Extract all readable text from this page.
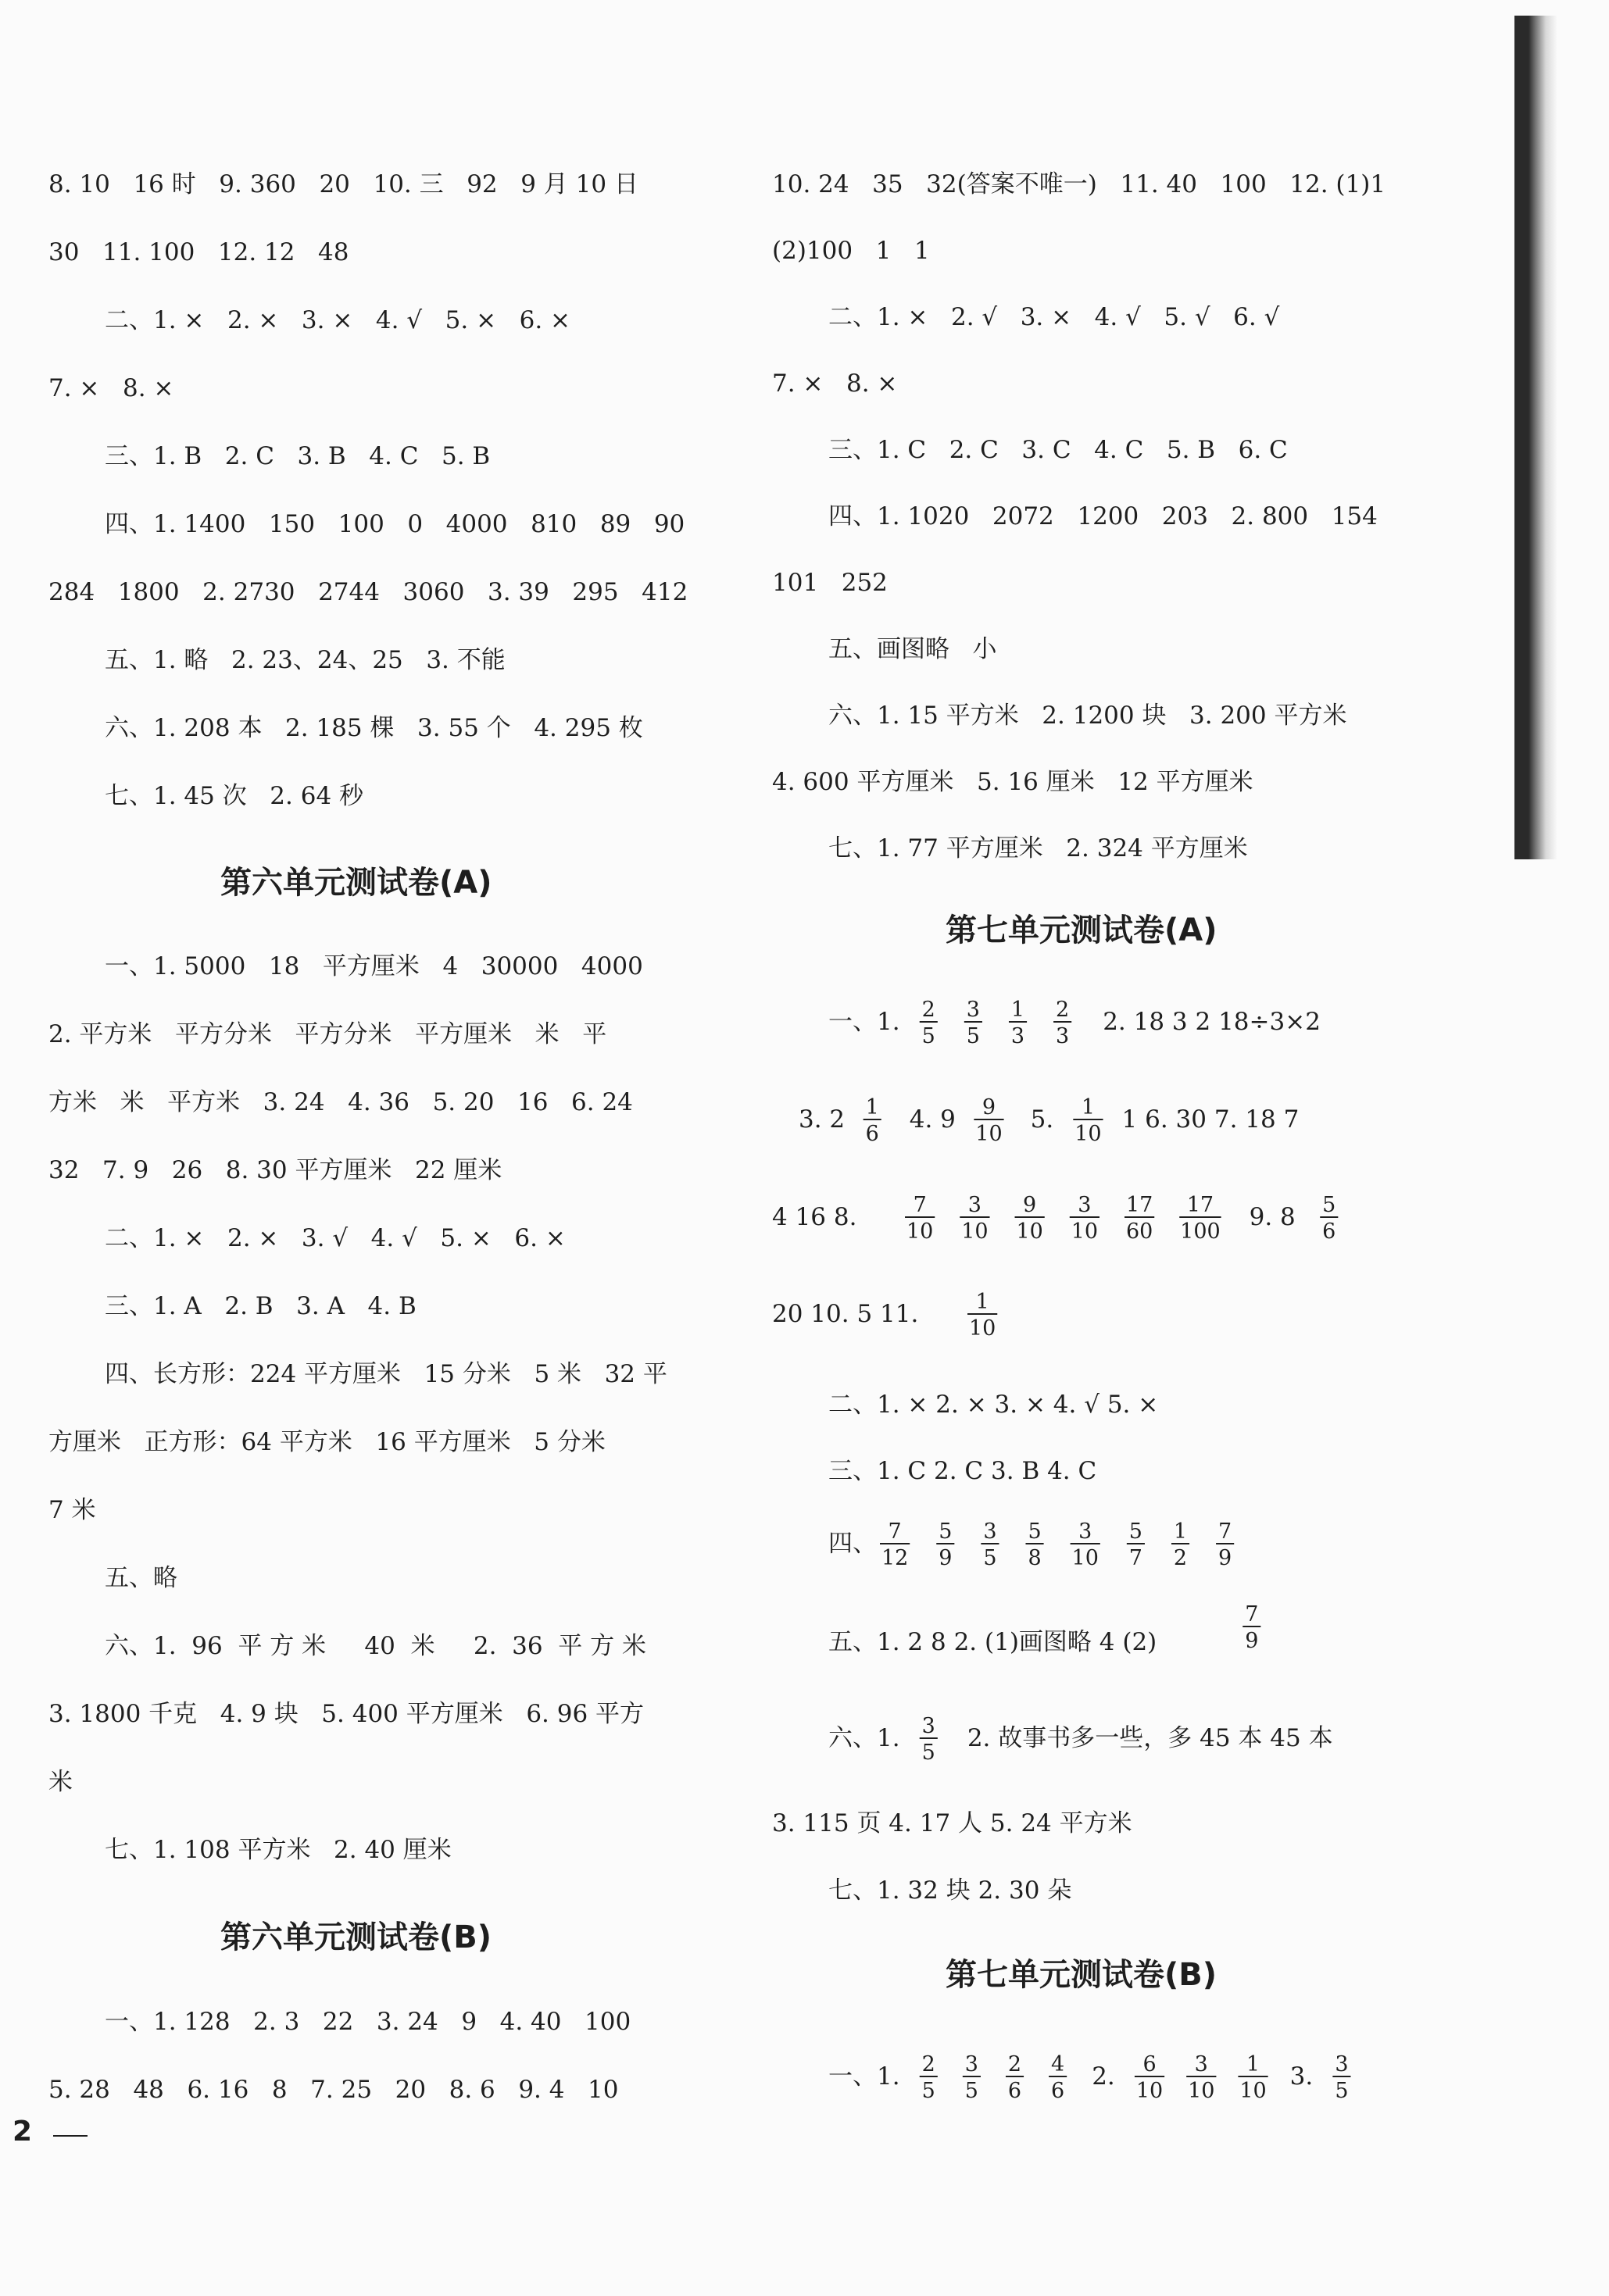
8. 10   16 时   9. 360   20   10. 三   92   9 月 10 日
30   11. 100   12. 12   48
二、1. ×   2. ×   3. ×   4. √   5. ×   6. ×
7. ×   8. ×
三、1. B   2. C   3. B   4. C   5. B
四、1. 1400   150   100   0   4000   810   89   90
284   1800   2. 2730   2744   3060   3. 39   295   412
五、1. 略   2. 23、24、25   3. 不能
六、1. 208 本   2. 185 棵   3. 55 个   4. 295 枚
七、1. 45 次   2. 64 秒
第六单元测试卷(A)
一、1. 5000   18   平方厘米   4   30000   4000
2. 平方米   平方分米   平方分米   平方厘米   米   平
方米   米   平方米   3. 24   4. 36   5. 20   16   6. 24
32   7. 9   26   8. 30 平方厘米   22 厘米
二、1. ×   2. ×   3. √   4. √   5. ×   6. ×
三、1. A   2. B   3. A   4. B
四、长方形：224 平方厘米   15 分米   5 米   32 平
方厘米   正方形：64 平方米   16 平方厘米   5 分米
7 米
五、略
六、1.  96  平 方 米     40  米     2.  36  平 方 米
3. 1800 千克   4. 9 块   5. 400 平方厘米   6. 96 平方
米
七、1. 108 平方米   2. 40 厘米
第六单元测试卷(B)
一、1. 128   2. 3   22   3. 24   9   4. 40   100
5. 28   48   6. 16   8   7. 25   20   8. 6   9. 4   10
10. 24   35   32(答案不唯一)   11. 40   100   12. (1)1
(2)100   1   1
二、1. ×   2. √   3. ×   4. √   5. √   6. √
7. ×   8. ×
三、1. C   2. C   3. C   4. C   5. B   6. C
四、1. 1020   2072   1200   203   2. 800   154
101   252
五、画图略   小
六、1. 15 平方米   2. 1200 块   3. 200 平方米
4. 600 平方厘米   5. 16 厘米   12 平方厘米
七、1. 77 平方厘米   2. 324 平方厘米
第七单元测试卷(A)
一、1. 2
5
3
5
1
3
2
3
2. 18 3 2 18÷3×2
3. 2 1
6
4. 9 9
10
5. 1
10
1 6. 30 7. 18 7
4 16 8.	7
10
3
10
9
10
3
10
17
60
17
100
9. 8 5
6
20 10. 5 11.	1
10
二、1. × 2. × 3. × 4. √ 5. ×
三、1. C 2. C 3. B 4. C
四、 7
12
5
9
3
5
5
8
3
10
5
7
1
2
7
9
五、1. 2 8 2. (1)画图略 4 (2)
7
9
六、1. 3
5
2. 故事书多一些，多 45 本 45 本
3. 115 页 4. 17 人 5. 24 平方米
七、1. 32 块 2. 30 朵
一、1. 2
5
3
5
2
6
4
6
2. 6
10
3
10
1
10
3. 3
5
第七单元测试卷(B)
2
